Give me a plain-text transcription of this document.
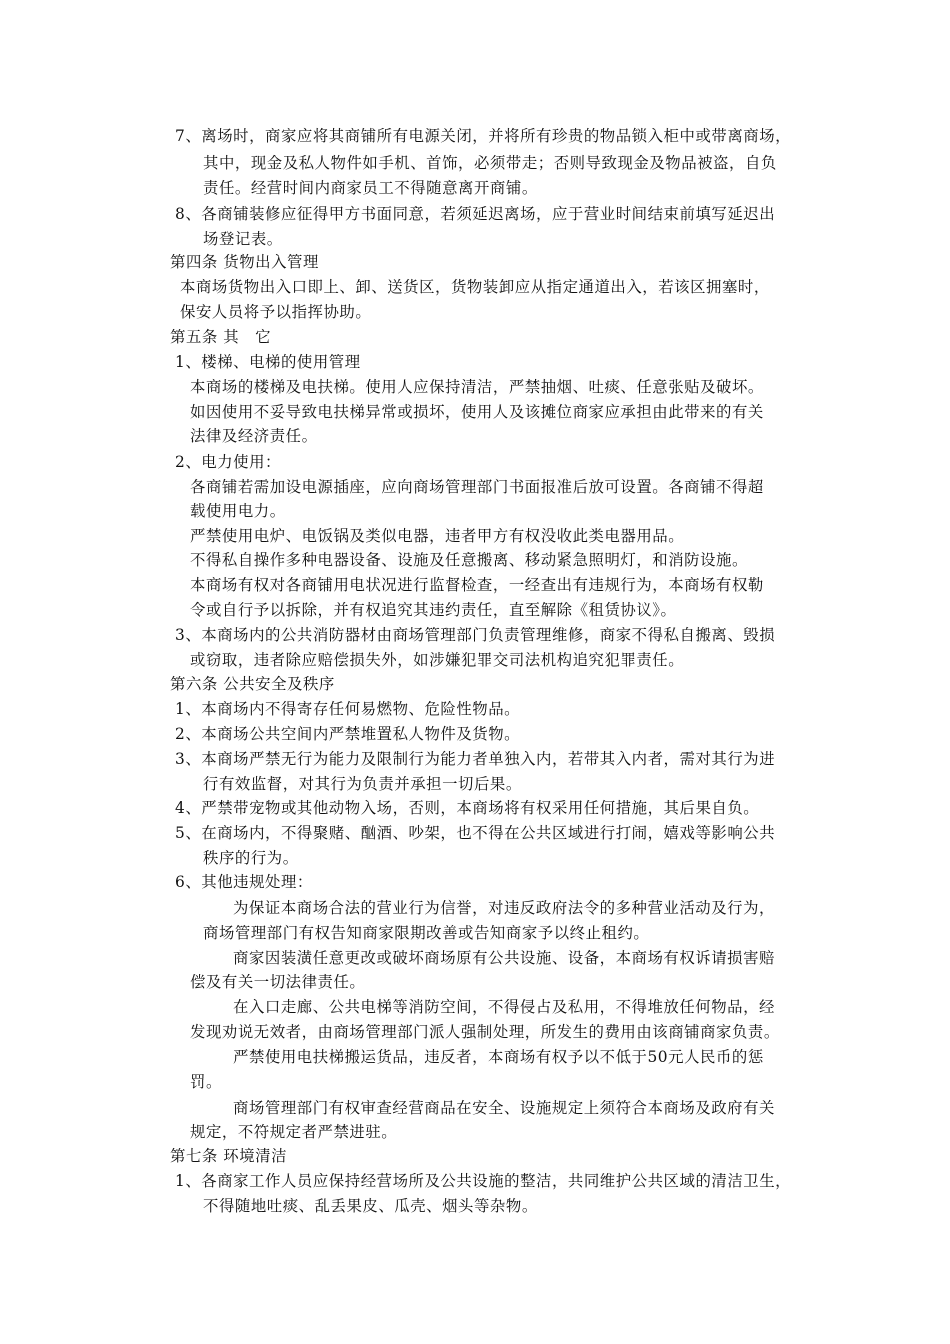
7、离场时，商家应将其商铺所有电源关闭，并将所有珍贵的物品锁入柜中或带离商场，
其中，现金及私人物件如手机、首饰，必须带走；否则导致现金及物品被盗，自负
责任。经营时间内商家员工不得随意离开商铺。
8、各商铺装修应征得甲方书面同意，若须延迟离场，应于营业时间结束前填写延迟出
场登记表。
第四条 货物出入管理
本商场货物出入口即上、卸、送货区，货物装卸应从指定通道出入，若该区拥塞时，
保安人员将予以指挥协助。
第五条 其　它
1、楼梯、电梯的使用管理
本商场的楼梯及电扶梯。使用人应保持清洁，严禁抽烟、吐痰、任意张贴及破坏。
如因使用不妥导致电扶梯异常或损坏，使用人及该摊位商家应承担由此带来的有关
法律及经济责任。
2、电力使用：
各商铺若需加设电源插座，应向商场管理部门书面报准后放可设置。各商铺不得超
载使用电力。
严禁使用电炉、电饭锅及类似电器，违者甲方有权没收此类电器用品。
不得私自操作多种电器设备、设施及任意搬离、移动紧急照明灯，和消防设施。
本商场有权对各商铺用电状况进行监督检查，一经查出有违规行为，本商场有权勒
令或自行予以拆除，并有权追究其违约责任，直至解除《租赁协议》。
3、本商场内的公共消防器材由商场管理部门负责管理维修，商家不得私自搬离、毁损
或窃取，违者除应赔偿损失外，如涉嫌犯罪交司法机构追究犯罪责任。
第六条 公共安全及秩序
1、本商场内不得寄存任何易燃物、危险性物品。
2、本商场公共空间内严禁堆置私人物件及货物。
3、本商场严禁无行为能力及限制行为能力者单独入内，若带其入内者，需对其行为进
行有效监督，对其行为负责并承担一切后果。
4、严禁带宠物或其他动物入场，否则，本商场将有权采用任何措施，其后果自负。
5、在商场内，不得聚赌、酗酒、吵架，也不得在公共区域进行打闹，嬉戏等影响公共
秩序的行为。
6、其他违规处理：
为保证本商场合法的营业行为信誉，对违反政府法令的多种营业活动及行为，
商场管理部门有权告知商家限期改善或告知商家予以终止租约。
商家因装潢任意更改或破坏商场原有公共设施、设备，本商场有权诉请损害赔
偿及有关一切法律责任。
在入口走廊、公共电梯等消防空间，不得侵占及私用，不得堆放任何物品，经
发现劝说无效者，由商场管理部门派人强制处理，所发生的费用由该商铺商家负责。
严禁使用电扶梯搬运货品，违反者，本商场有权予以不低于50元人民币的惩
罚。
商场管理部门有权审查经营商品在安全、设施规定上须符合本商场及政府有关
规定，不符规定者严禁进驻。
第七条 环境清洁
1、各商家工作人员应保持经营场所及公共设施的整洁，共同维护公共区域的清洁卫生，
不得随地吐痰、乱丢果皮、瓜壳、烟头等杂物。
